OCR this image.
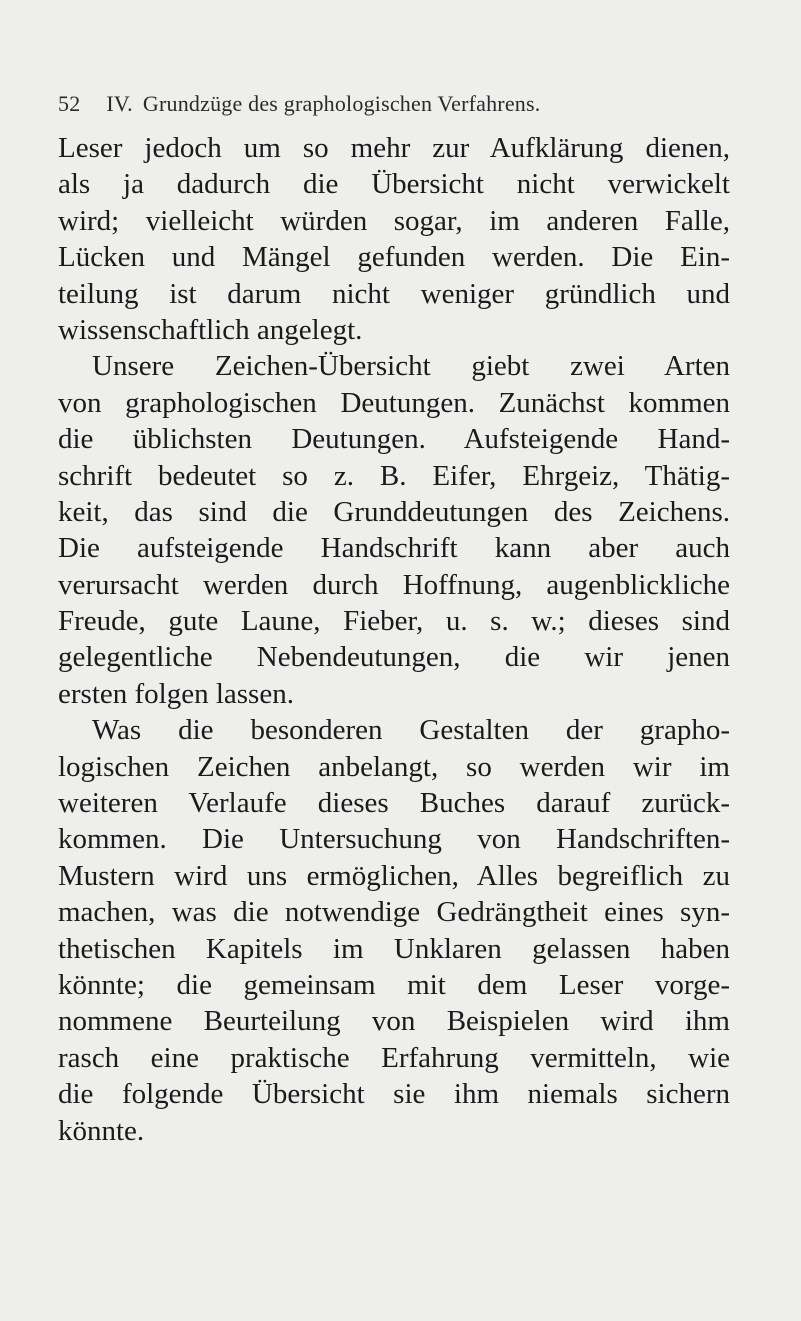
52 IV. Grundzüge des graphologischen Verfahrens.
Leser jedoch um so mehr zur Aufklärung dienen,
als ja dadurch die Übersicht nicht verwickelt
wird; vielleicht würden sogar, im anderen Falle,
Lücken und Mängel gefunden werden. Die Ein-
teilung ist darum nicht weniger gründlich und
wissenschaftlich angelegt.
Unsere Zeichen-Übersicht giebt zwei Arten
von graphologischen Deutungen. Zunächst kommen
die üblichsten Deutungen. Aufsteigende Hand-
schrift bedeutet so z. B. Eifer, Ehrgeiz, Thätig-
keit, das sind die Grunddeutungen des Zeichens.
Die aufsteigende Handschrift kann aber auch
verursacht werden durch Hoffnung, augenblickliche
Freude, gute Laune, Fieber, u. s. w.; dieses sind
gelegentliche Nebendeutungen, die wir jenen
ersten folgen lassen.
Was die besonderen Gestalten der grapho-
logischen Zeichen anbelangt, so werden wir im
weiteren Verlaufe dieses Buches darauf zurück-
kommen. Die Untersuchung von Handschriften-
Mustern wird uns ermöglichen, Alles begreiflich zu
machen, was die notwendige Gedrängtheit eines syn-
thetischen Kapitels im Unklaren gelassen haben
könnte; die gemeinsam mit dem Leser vorge-
nommene Beurteilung von Beispielen wird ihm
rasch eine praktische Erfahrung vermitteln, wie
die folgende Übersicht sie ihm niemals sichern
könnte.
